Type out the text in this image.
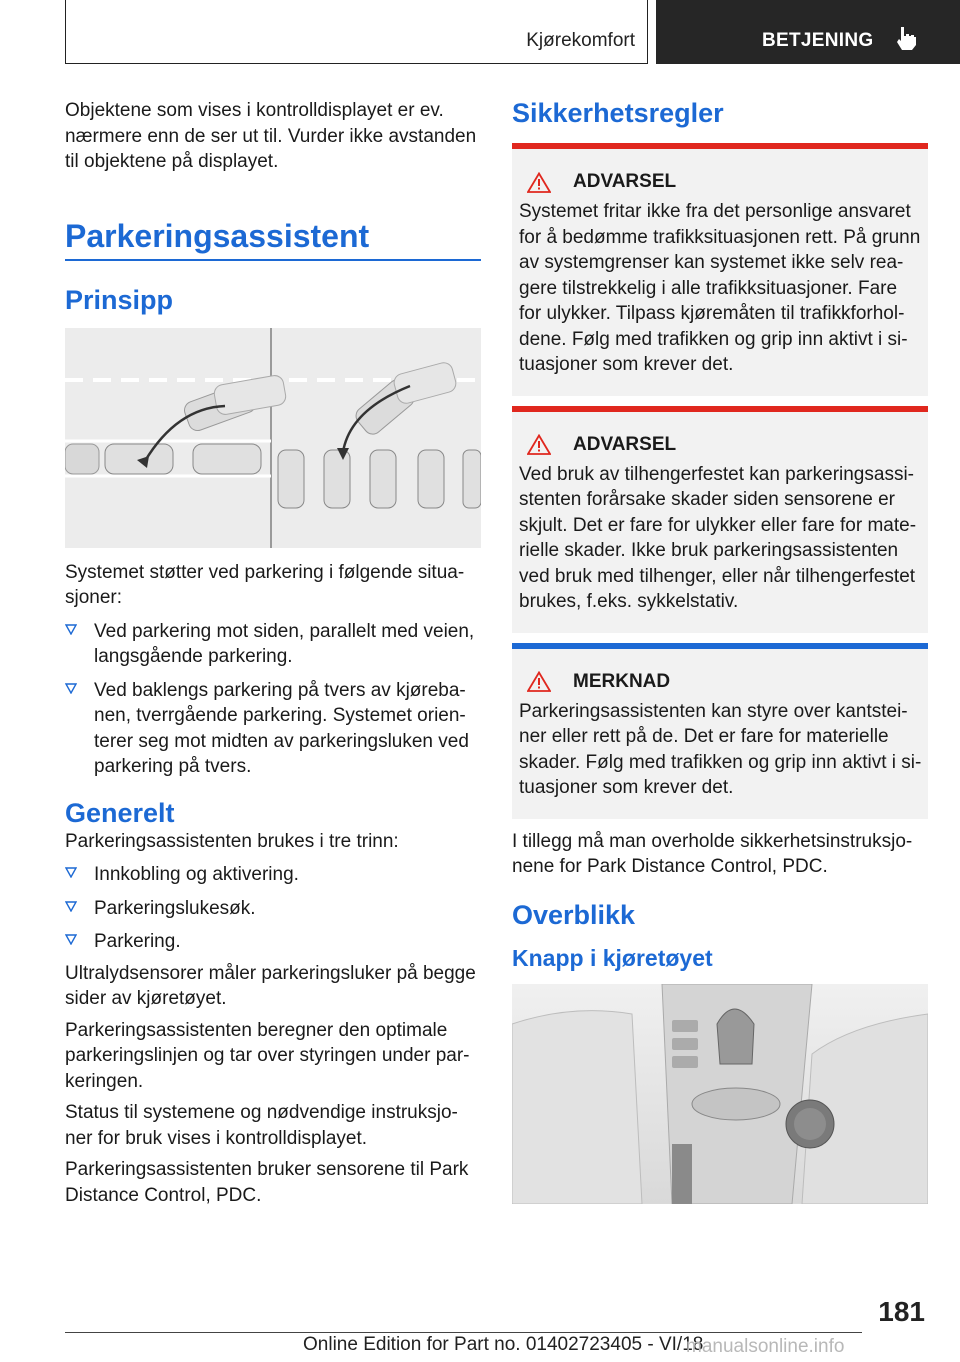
Kjørekomfort	BETJENING

Objektene som vises i kontrolldisplayet er ev. nærmere enn de ser ut til. Vurder ikke avstanden til objektene på displayet.

Parkeringsassistent
Prinsipp

Systemet støtter ved parkering i følgende situa‐sjoner:

Ved parkering mot siden, parallelt med veien, langsgående parkering.
Ved baklengs parkering på tvers av kjøreba‐nen, tverrgående parkering. Systemet orien‐terer seg mot midten av parkeringsluken ved parkering på tvers.
Generelt

Parkeringsassistenten brukes i tre trinn:

Innkobling og aktivering.
Parkeringslukesøk.
Parkering.

Ultralydsensorer måler parkeringsluker på begge sider av kjøretøyet.

Parkeringsassistenten beregner den optimale parkeringslinjen og tar over styringen under par‐keringen.

Status til systemene og nødvendige instruksjo‐ner for bruk vises i kontrolldisplayet.

Parkeringsassistenten bruker sensorene til Park Distance Control, PDC.

Sikkerhetsregler
ADVARSEL

Systemet fritar ikke fra det personlige ansvaret for å bedømme trafikksituasjonen rett. På grunn av systemgrenser kan systemet ikke selv rea‐gere tilstrekkelig i alle trafikksituasjoner. Fare for ulykker. Tilpass kjøremåten til trafikkforhol‐dene. Følg med trafikken og grip inn aktivt i si‐tuasjoner som krever det.

ADVARSEL

Ved bruk av tilhengerfestet kan parkeringsassi‐stenten forårsake skader siden sensorene er skjult. Det er fare for ulykker eller fare for mate‐rielle skader. Ikke bruk parkeringsassistenten ved bruk med tilhenger, eller når tilhengerfestet brukes, f.eks. sykkelstativ.

MERKNAD

Parkeringsassistenten kan styre over kantstei‐ner eller rett på de. Det er fare for materielle skader. Følg med trafikken og grip inn aktivt i si‐tuasjoner som krever det.

I tillegg må man overholde sikkerhetsinstruksjo‐nene for Park Distance Control, PDC.

Overblikk
Knapp i kjøretøyet
181
Online Edition for Part no. 01402723405 - VI/18
manualsonline.info
